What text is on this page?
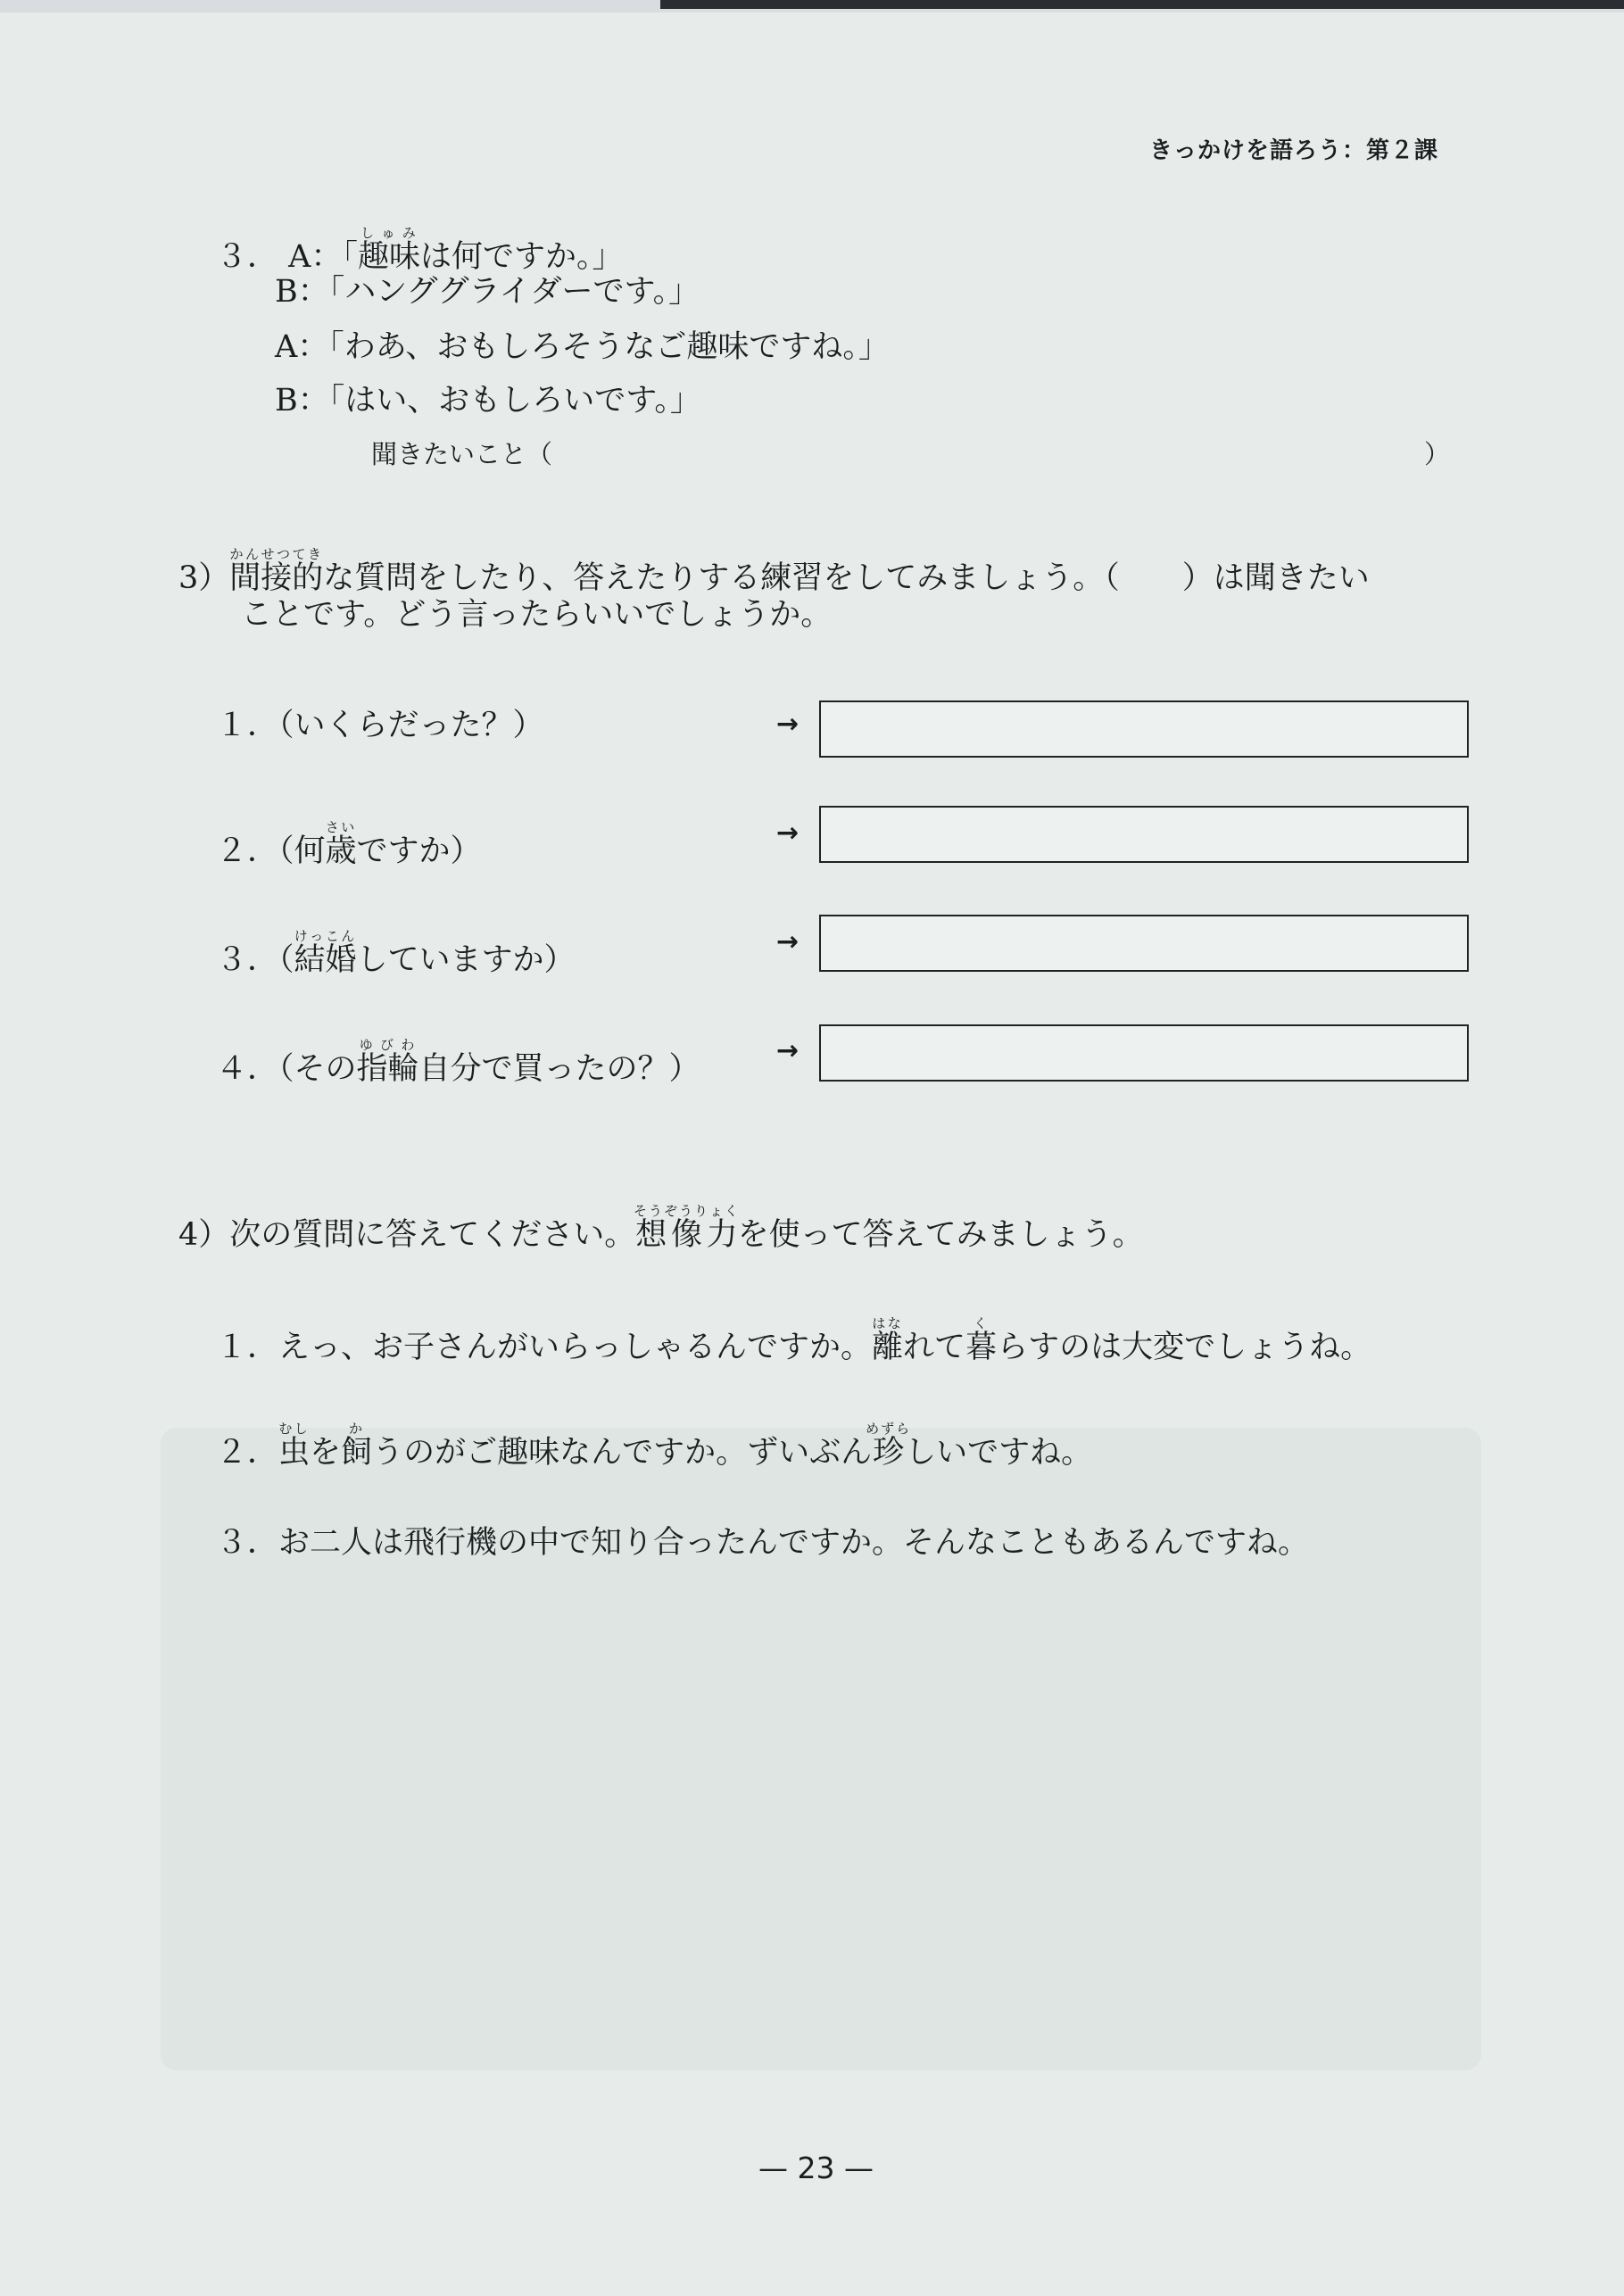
きっかけを語ろう：第２課
３． A：「趣味しゅみは何ですか。」
B：「ハンググライダーです。」
A：「わあ、おもしろそうなご趣味ですね。」
B：「はい、おもしろいです。」
聞きたいこと（	）
3）間接的かんせつてきな質問をしたり、答えたりする練習をしてみましょう。（　　）は聞きたい
ことです。どう言ったらいいでしょうか。
１．（いくらだった？）	→
２．（何歳さいですか）
→
３．（結婚けっこんしていますか）
→
４．（その指輪ゆびわ自分で買ったの？）
→
4）次の質問に答えてください。想像力そうぞうりょくを使って答えてみましょう。
１．えっ、お子さんがいらっしゃるんですか。離はなれて暮くらすのは大変でしょうね。
２．虫むしを飼かうのがご趣味なんですか。ずいぶん珍めずらしいですね。
３．お二人は飛行機の中で知り合ったんですか。そんなこともあるんですね。
— 23 —
